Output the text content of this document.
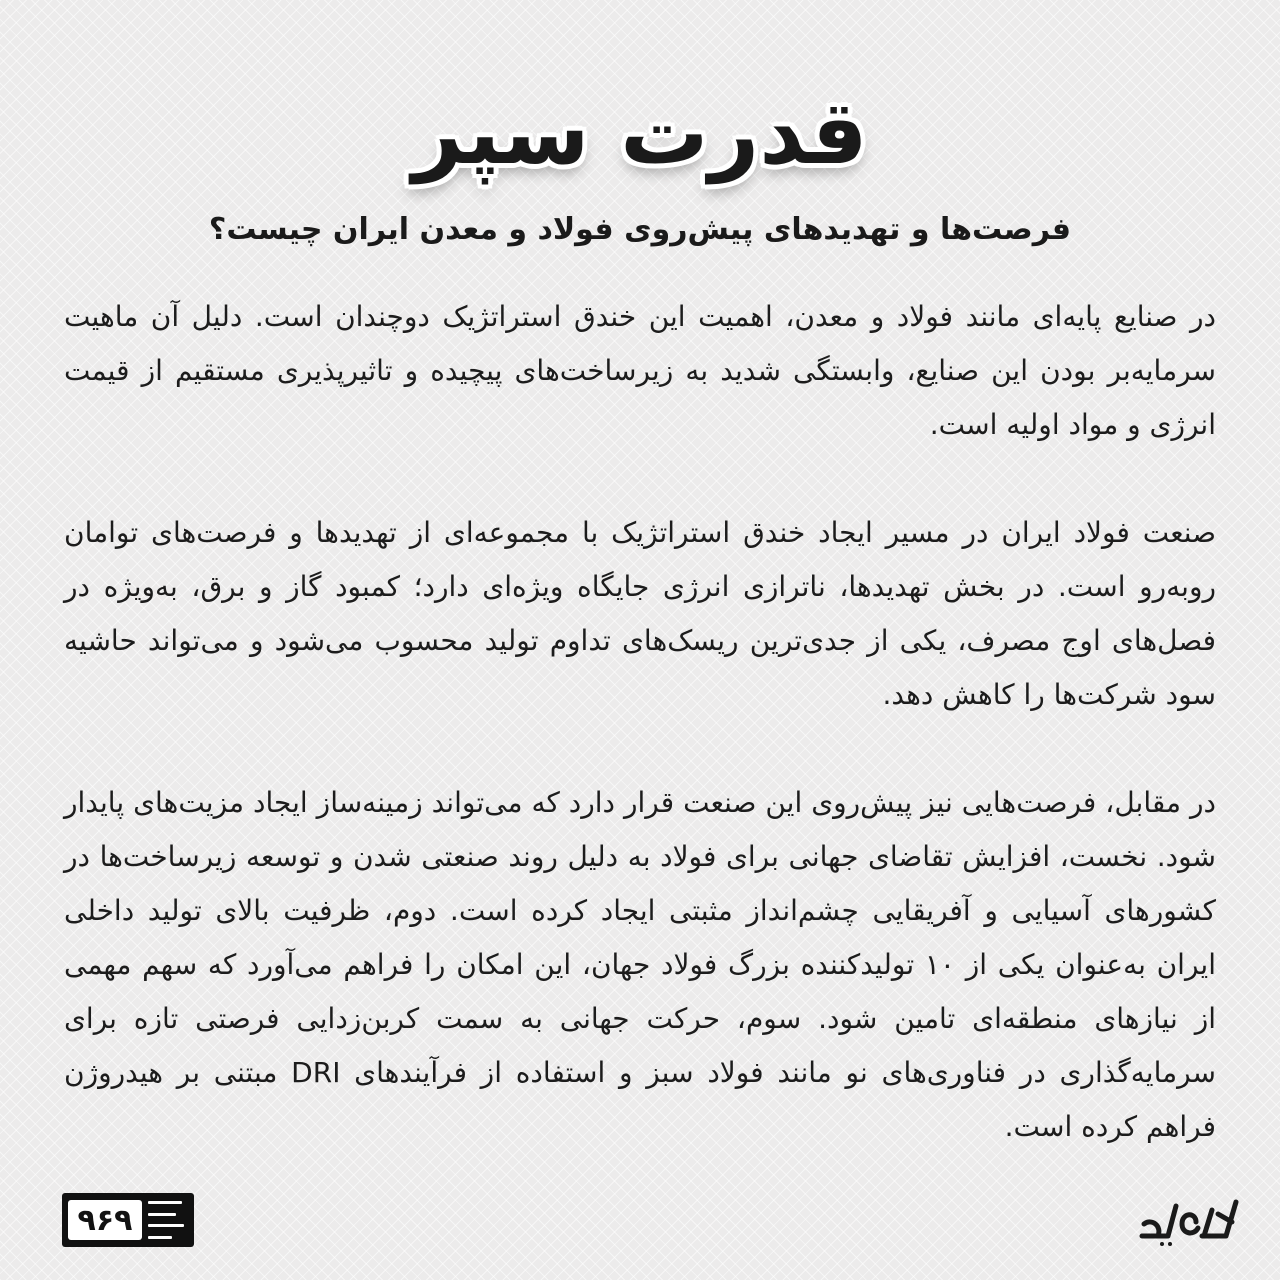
قدرت سپر
فرصت‌ها و تهدیدهای پیش‌روی فولاد و معدن ایران چیست؟

در صنایع پایه‌ای مانند فولاد و معدن، اهمیت این خندق استراتژیک دوچندان است. دلیل آن ماهیت سرمایه‌بر بودن این صنایع، وابستگی شدید به زیرساخت‌های پیچیده و تاثیرپذیری مستقیم از قیمت انرژی و مواد اولیه است.

صنعت فولاد ایران در مسیر ایجاد خندق استراتژیک با مجموعه‌ای از تهدیدها و فرصت‌های توامان روبه‌رو است. در بخش تهدیدها، ناترازی انرژی جایگاه ویژه‌ای دارد؛ کمبود گاز و برق، به‌ویژه در فصل‌های اوج مصرف، یکی از جدی‌ترین ریسک‌های تداوم تولید محسوب می‌شود و می‌تواند حاشیه سود شرکت‌ها را کاهش دهد.

در مقابل، فرصت‌هایی نیز پیش‌روی این صنعت قرار دارد که می‌تواند زمینه‌ساز ایجاد مزیت‌های پایدار شود. نخست، افزایش تقاضای جهانی برای فولاد به دلیل روند صنعتی شدن و توسعه زیرساخت‌ها در کشورهای آسیایی و آفریقایی چشم‌انداز مثبتی ایجاد کرده است. دوم، ظرفیت بالای تولید داخلی ایران به‌عنوان یکی از ۱۰ تولیدکننده بزرگ فولاد جهان، این امکان را فراهم می‌آورد که سهم مهمی از نیازهای منطقه‌ای تامین شود. سوم، حرکت جهانی به سمت کربن‌زدایی فرصتی تازه برای سرمایه‌گذاری در فناوری‌های نو مانند فولاد سبز و استفاده از فرآیندهای DRI مبتنی بر هیدروژن فراهم کرده است.

۹۶۹
